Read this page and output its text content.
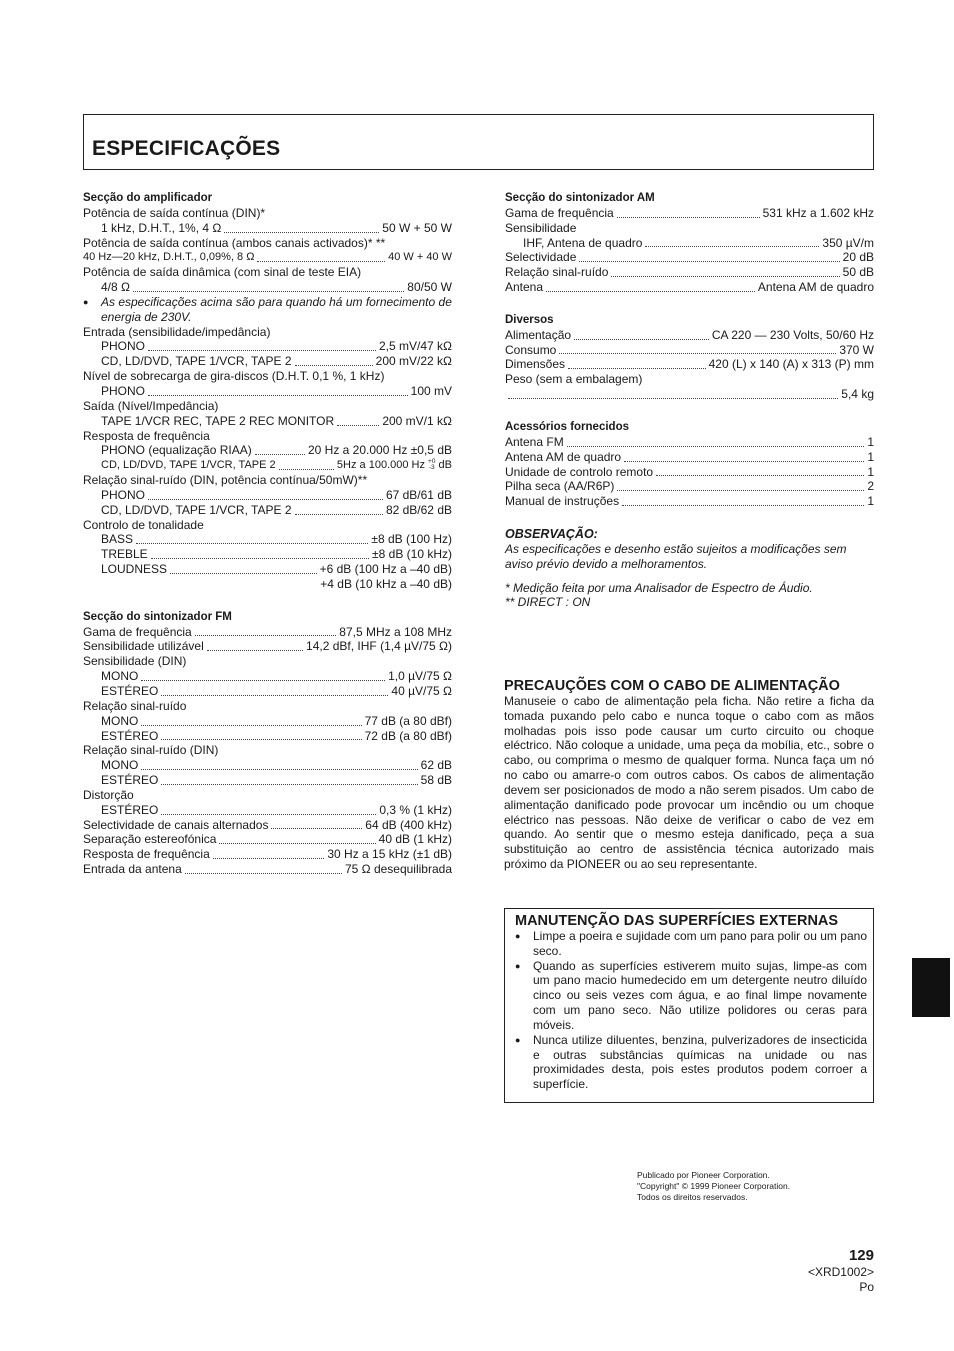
ESPECIFICAÇÕES
Secção do amplificador
Potência de saída contínua (DIN)*
1 kHz, D.H.T., 1%, 4 Ω	50 W + 50 W
Potência de saída contínua (ambos canais activados)* **
40 Hz—20 kHz, D.H.T., 0,09%, 8 Ω	40 W + 40 W
Potência de saída dinâmica (com sinal de teste EIA)
4/8 Ω	80/50 W
● As especificações acima são para quando há um fornecimento de energia de 230V.
Entrada (sensibilidade/impedância)
PHONO	2,5 mV/47 kΩ
CD, LD/DVD, TAPE 1/VCR, TAPE 2	200 mV/22 kΩ
Nível de sobrecarga de gira-discos (D.H.T. 0,1 %, 1 kHz)
PHONO	100 mV
Saída (Nível/Impedância)
TAPE 1/VCR REC, TAPE 2 REC MONITOR	200 mV/1 kΩ
Resposta de frequência
PHONO (equalização RIAA)	20 Hz a 20.000 Hz ±0,5 dB
CD, LD/DVD, TAPE 1/VCR, TAPE 2	5Hz a 100.000 Hz +0
-3 dB
Relação sinal-ruído (DIN, potência contínua/50mW)**
PHONO	67 dB/61 dB
CD, LD/DVD, TAPE 1/VCR, TAPE 2	82 dB/62 dB
Controlo de tonalidade
BASS	±8 dB (100 Hz)
TREBLE	±8 dB (10 kHz)
LOUDNESS	+6 dB (100 Hz a –40 dB)
+4 dB (10 kHz a –40 dB)
Secção do sintonizador FM
Gama de frequência	87,5 MHz a 108 MHz
Sensibilidade utilizável	14,2 dBf, IHF (1,4 µV/75 Ω)
Sensibilidade (DIN)
MONO	1,0 µV/75 Ω
ESTÉREO	40 µV/75 Ω
Relação sinal-ruído
MONO	77 dB (a 80 dBf)
ESTÉREO	72 dB (a 80 dBf)
Relação sinal-ruído (DIN)
MONO	62 dB
ESTÉREO	58 dB
Distorção
ESTÉREO	0,3 % (1 kHz)
Selectividade de canais alternados	64 dB (400 kHz)
Separação estereofónica	40 dB (1 kHz)
Resposta de frequência	30 Hz a 15 kHz (±1 dB)
Entrada da antena	75 Ω desequilibrada
Secção do sintonizador AM
Gama de frequência	531 kHz a 1.602 kHz
Sensibilidade
IHF, Antena de quadro	350 µV/m
Selectividade	20 dB
Relação sinal-ruído	50 dB
Antena	Antena AM de quadro
Diversos
Alimentação	CA 220 — 230 Volts, 50/60 Hz
Consumo	370 W
Dimensões	420 (L) x 140 (A) x 313 (P) mm
Peso (sem a embalagem)
5,4 kg
Acessórios fornecidos
Antena FM	1
Antena AM de quadro	1
Unidade de controlo remoto	1
Pilha seca (AA/R6P)	2
Manual de instruções	1
OBSERVAÇÃO:
As especificações e desenho estão sujeitos a modificações sem aviso prévio devido a melhoramentos.
* Medição feita por uma Analisador de Espectro de Áudio.
** DIRECT : ON
PRECAUÇÕES COM O CABO DE ALIMENTAÇÃO
Manuseie o cabo de alimentação pela ficha. Não retire a ficha da tomada puxando pelo cabo e nunca toque o cabo com as mãos molhadas pois isso pode causar um curto circuito ou choque eléctrico. Não coloque a unidade, uma peça da mobília, etc., sobre o cabo, ou comprima o mesmo de qualquer forma. Nunca faça um nó no cabo ou amarre-o com outros cabos. Os cabos de alimentação devem ser posicionados de modo a não serem pisados. Um cabo de alimentação danificado pode provocar um incêndio ou um choque eléctrico nas pessoas. Não deixe de verificar o cabo de vez em quando. Ao sentir que o mesmo esteja danificado, peça a sua substituição ao centro de assistência técnica autorizado mais próximo da PIONEER ou ao seu representante.
MANUTENÇÃO DAS SUPERFÍCIES EXTERNAS
● Limpe a poeira e sujidade com um pano para polir ou um pano seco.
● Quando as superfícies estiverem muito sujas, limpe-as com um pano macio humedecido em um detergente neutro diluído cinco ou seis vezes com água, e ao final limpe novamente com um pano seco. Não utilize polidores ou ceras para móveis.
● Nunca utilize diluentes, benzina, pulverizadores de insecticida e outras substâncias químicas na unidade ou nas proximidades desta, pois estes produtos podem corroer a superfície.
Publicado por Pioneer Corporation.
"Copyright" © 1999 Pioneer Corporation.
Todos os direitos reservados.
129
<XRD1002>
Po
